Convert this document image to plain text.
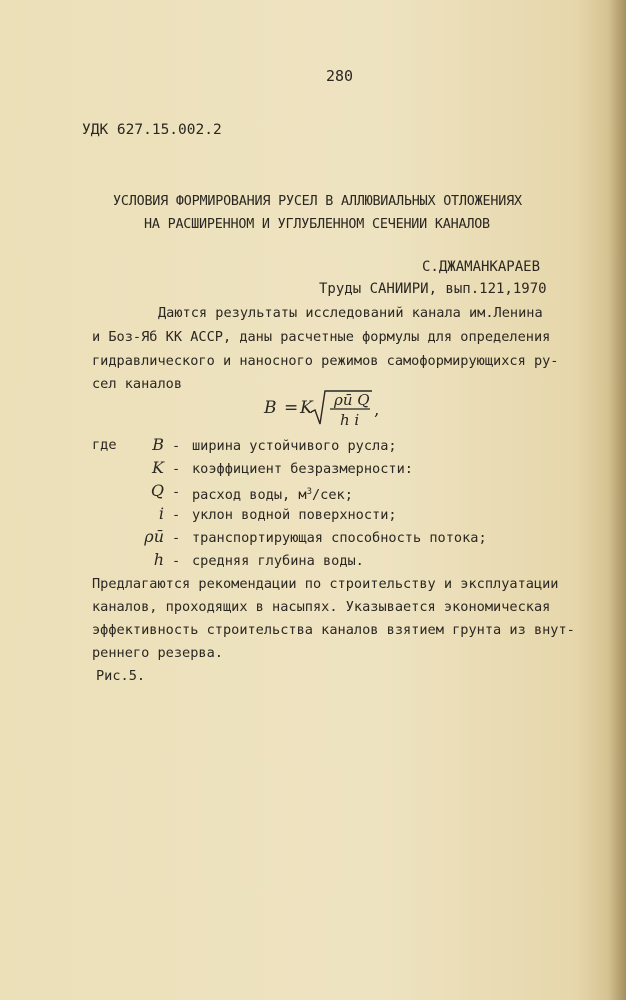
280
УДК 627.15.002.2
УСЛОВИЯ ФОРМИРОВАНИЯ РУСЕЛ В АЛЛЮВИАЛЬНЫХ ОТЛОЖЕНИЯХ
НА РАСШИРЕННОМ И УГЛУБЛЕННОМ СЕЧЕНИИ КАНАЛОВ
С.ДЖАМАНКАРАЕВ
Труды САНИИРИ, вып.121,1970
Даются результаты исследований канала им.Ленина
и Боз-Яб КК АССР, даны расчетные формулы для определения
гидравлического и наносного режимов самоформирующихся ру-
сел каналов
B = K ρū Q
h i ,
где	B - ширина устойчивого русла;
K - коэффициент безразмерности:
Q - расход воды, $м^3$/сек;
i - уклон водной поверхности;
ρū - транспортирующая способность потока;
h - средняя глубина воды.
Предлагаются рекомендации по строительству и эксплуатации
каналов, проходящих в насыпях. Указывается экономическая
эффективность строительства каналов взятием грунта из внут-
реннего резерва.
Рис.5.
